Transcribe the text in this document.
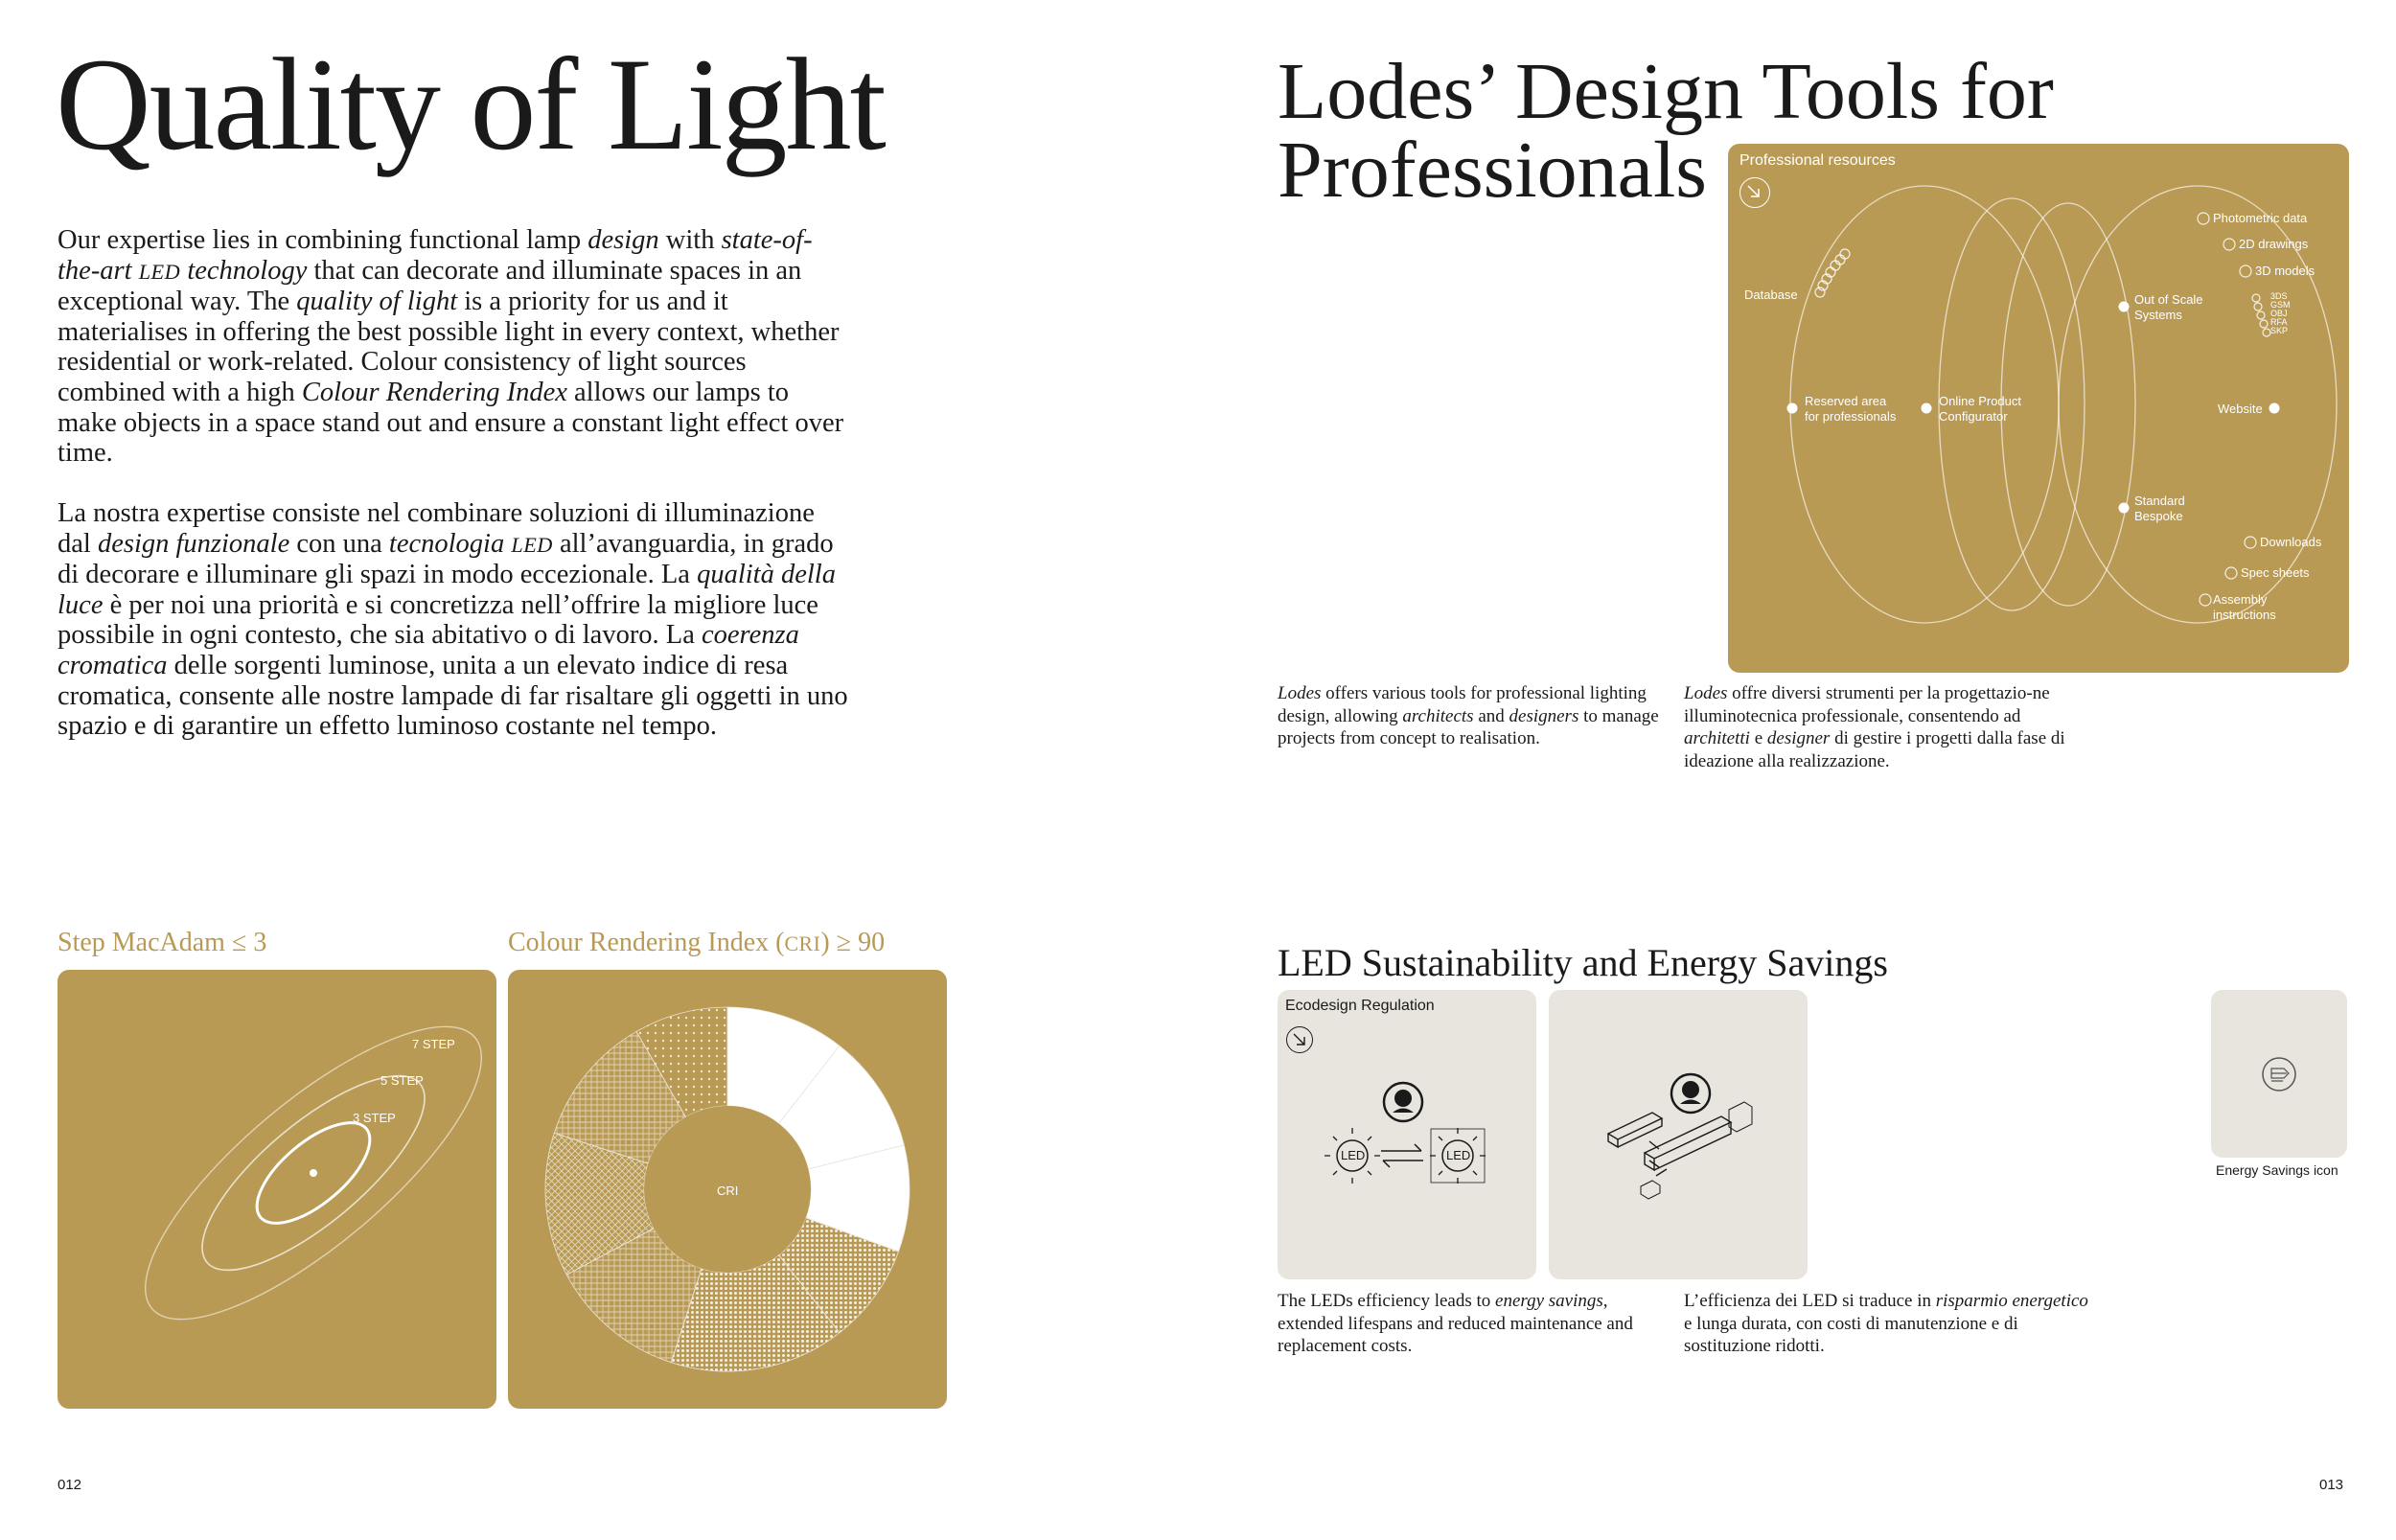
Quality of Light

Our expertise lies in combining functional lamp design with state-of-the-art LED technology that can decorate and illuminate spaces in an exceptional way. The quality of light is a priority for us and it materialises in offering the best possible light in every context, whether residential or work-related. Colour consistency of light sources combined with a high Colour Rendering Index allows our lamps to make objects in a space stand out and ensure a constant light effect over time.

La nostra expertise consiste nel combinare soluzioni di illuminazione dal design funzionale con una tecnologia LED all’avanguardia, in grado di decorare e illuminare gli spazi in modo eccezionale. La qualità della luce è per noi una priorità e si concretizza nell’offrire la migliore luce possibile in ogni contesto, che sia abitativo o di lavoro. La coerenza cromatica delle sorgenti luminose, unita a un elevato indice di resa cromatica, consente alle nostre lampade di far risaltare gli oggetti in uno spazio e di garantire un effetto luminoso costante nel tempo.

Step MacAdam ≤ 3
7 STEP
5 STEP
3 STEP
Colour Rendering Index (CRI) ≥ 90
CRI
012
Lodes’ Design Tools for
Professionals	Professional resources
Database
Reserved area
for professionals
Online Product
Configurator
Out of Scale
Systems
Standard
Bespoke
Website
Photometric data
2D drawings
3D models
3DS
GSM
OBJ
RFA
SKP
Downloads
Spec sheets
Assembly
instructions

Lodes offers various tools for professional lighting design, allowing architects and designers to manage projects from concept to realisation.

Lodes offre diversi strumenti per la progettazio-ne illuminotecnica professionale, consentendo ad architetti e designer di gestire i progetti dalla fase di ideazione alla realizzazione.

LED Sustainability and Energy Savings
Ecodesign Regulation
LED	LED
Energy Savings icon

The LEDs efficiency leads to energy savings, extended lifespans and reduced maintenance and replacement costs.

L’efficienza dei LED si traduce in risparmio energetico e lunga durata, con costi di manutenzione e di sostituzione ridotti.

013
